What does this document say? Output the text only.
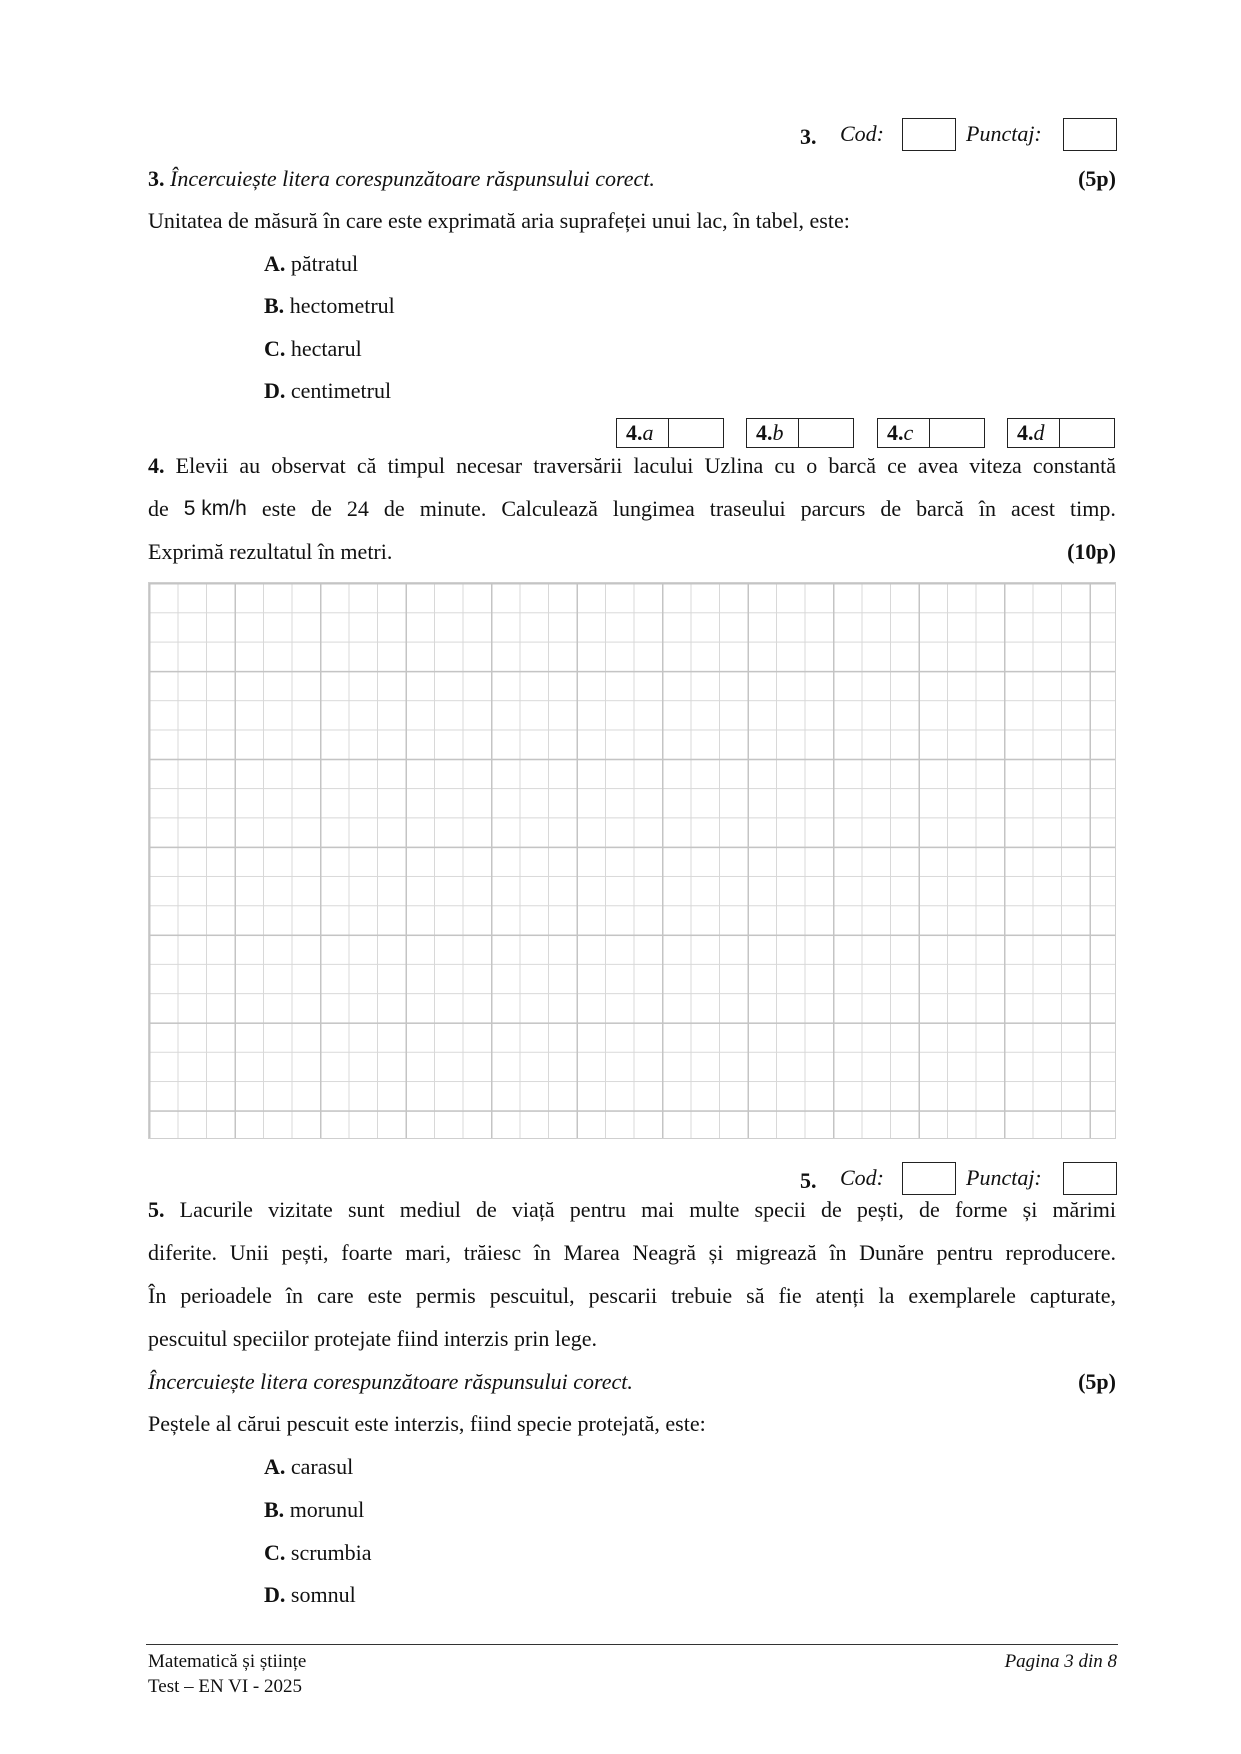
3. Cod:	Punctaj:
3. Încercuiește litera corespunzătoare răspunsului corect.	(5p)
Unitatea de măsură în care este exprimată aria suprafeței unui lac, în tabel, este:
A. pătratul
B. hectometrul
C. hectarul
D. centimetrul
4.a	4.b	4.c	4.d
4. Elevii au observat că timpul necesar traversării lacului Uzlina cu o barcă ce avea viteza constantă
de 5 km/h este de 24 de minute. Calculează lungimea traseului parcurs de barcă în acest timp.
Exprimă rezultatul în metri.	(10p)
5. Cod:	Punctaj:
5. Lacurile vizitate sunt mediul de viață pentru mai multe specii de pești, de forme și mărimi
diferite. Unii pești, foarte mari, trăiesc în Marea Neagră și migrează în Dunăre pentru reproducere.
În perioadele în care este permis pescuitul, pescarii trebuie să fie atenți la exemplarele capturate,
pescuitul speciilor protejate fiind interzis prin lege.
Încercuiește litera corespunzătoare răspunsului corect.	(5p)
Peștele al cărui pescuit este interzis, fiind specie protejată, este:
A. carasul
B. morunul
C. scrumbia
D. somnul
Matematică și științe
Test – EN VI - 2025
Pagina 3 din 8
